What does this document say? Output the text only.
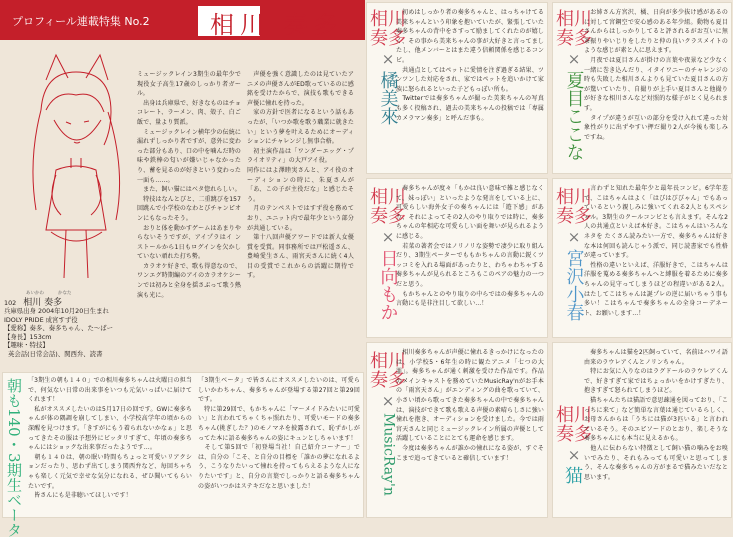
プロフィール連載特集 No.2	相川 奏多
ミュージックレイン3期生の最年少で現役女子高生17歳のしっかり者ガール。
　出身は兵庫県で、好きなものはチョコレート、ラーメン、肉、殻子、白ご飯で、量より質派。
　ミュージックレイン横年少の伝統に漏れずしっかり者ですが、意外に変わった部分もあり、口の中を噛んだ時の味や鉄棒の匂いが嫌いじゃなかったり、蓄を見るのが好きという変わった一面も……。
　また、飼い猫にはベタ惚れらしい。
　特技はなんとびと、二重跳びを157回跳んで小学校のなわとびチャンピオンにもなったそう。
　おりと体を動かすゲームはあまりやらないそうですが、アイプラはイ ンストールから1日もログインを欠かしていない頑れた打ち勢。
　カラオケ好きで、歌も得意なので、ワンエグ時期編のアイのカラオケシーンでは初みと全身を揺さぶって歌う熱演も光に。
　声優を強く意識したのは見ていたアニメの声優さんがED歌っているのに感銘を受けたからで、演技も歌もできる声優に憧れを持った。
　家の方針で医者になるという話もあったが、「いつか歌を歌う職業に就きたい」という夢を叶えるためにオーディションにチャレンジし無事合格。
　初主演作品は「ワンダーエッグ・プライオリティ」の大戸アイ役。
同作にはよ澤睦実さんと、アイ役のオーディションの時に、朱夏さんが「あ、この子が主役だな」と感じたそう。
　月のテンペストではすず役を務めており、ユニット内で最年少という部分が共通している。
　第十八回声優アワードでは新人女優賞を受賞。同事務所では戸松遥さん、豊崎愛生さん、雨宮天さんに続く4人目の受賞でこれからの活躍に期待です。
あいかわ	かなた
102 相川 奏多
兵庫県出身 2004年10月20日生まれ
IDOLY PRIDE 成宮すず役
【愛称】奏多、奏多ちゃん、た～ばー
【身長】153cm
【趣味・特技】
英会話(日常会話)、関西弁、読書
相川
奏多
×
橘美來
　初めはしっかり者の奏多ちゃんと、はっちゃけてる美来ちゃんという印象を抱いていたが、緊張していた奏多ちゃんの背中をさすって励ましてくれたのが嬉しく、その事から美来ちゃんの事が大好きと言ってましたし、他メンバーとはまた違う信頼関係を感じるコンビ。
　共通点としてはペットに愛情を注ぎ過ぎる結果、ツンツンした対応をされ、家ではペットを追いかけて家族に怒られるといった子どもっぽい所も。
　Twitterでは奏多ちゃんが撮った美来ちゃんの写真も多く投稿され、過去の美来ちゃんの投稿では「専属カメラマン奏多」と呼んだ事も。
相川
奏多
×
夏目ここな
　お姉さん方宮沢、橘、日向が多少抜け感があるのに対して宮鋼空で安心感のある年少組。動物も夏目さんからはしっかりしてると評されるがお互いに無茶振りやいじりをしたりと仲の良いクラスメイトのような感じが素と人に思えます。
　月夜では夏目さんが掛けの言葉や夜景など少なく一緒に巻き込んだり、イタイワニーのチャレンジの時も失敗した相川さんよりも見ていた夏目さんの方が驚いていたり、自撮りが上手い夏目さんと他撮りが好きな相川さんなど対照的な様子がとく見られます。
　タイプが違うが互いの部分を受け入れて違った対象性がりに出ずやすい押だ撮り2人が今後も楽しみですね。
相川
奏多
×
日向もか
　奏多ちゃんが度々「もかは良い意味で雑と感じなくて、妹っぽい」といったような発言をしている上に、可愛らしい海外女子の奏ちゃんには「遊下感」があり、それによってその2人のやり取りでは時に、奏多ちゃんの年相応な可愛らしい面を舞いが見られるように感じる。
　若菜の著者会ではノリノリな姿勢で凄少に取り組んだり、3期生ペーターでももかちゃんの言動に鋭くツッコミを入れる場面があったりと、わちゃわちゃする奏多ちゃんが見られるところもこのペアの魅力の一つだと思う。
　もかちゃんとのやり取りの中らではの奏多ちゃんの言動にも是非注目して欲しい…！
相川
奏多
×
宮沢小春
　言わずと知れた最年少と最年長コンビ。6学年差で、こはちゃんはよく「はびはびびゃん」でもあっているという親しみに強いてくれる2人ともスペシャル。3期生のクールコンビとも言えます。そんな2人の共通点といえば本好き。こはちゃんはいろんなネタを たくさん読みたい一方で、奏多ちゃんは好きな本は何回も読んじゃう派で、同じ読書家でも性格が違っています。
　性格の違いといえば、洋服好きで、こはちゃんは洋服を蒐める奏多ちゃんへと縛服を着るために奏多ちゃんの見守ってしまうほどの程違いがある2人。はたしてこはちゃんは誕プレの逆に届いちゃう事も多い！こはちゃんで奏多ちゃんの全身コーデネート、お願いします…！
相川
奏多
×
MusicRay'n
　相川奏多ちゃんが声優に憧れるきっかけになったのは、小学校5・6年生の時に観たアニメ「七つの大罪」。奏多ちゃんが通く刺激を受けた作品です。作品のメインキャストを務めていたMusicRay'nがお手本の「雨宮天さん」がエンディングの曲を歌っていて、小さい頃から歌ってきた奏多ちゃんの中で奏多ちゃんは、演技ができて歌も歌える声優の素晴らしさに強い憧れを抱き、オーディションを受けました。今では雨宮天さんと同じミュージックレイン所属の声優として活躍していることにとても運命を感じます。
　今度は奏多ちゃんが誰かの憧れになる姿が、すぐそこまで追ってきていると確信しています！
相川
奏多
×
猫
　奏多ちゃんは猫を2匹飼っていて、名前はハワイ語由来のラウレアくんとノリンちゃん。
　特にお気に入りなのはラグドールのラウレアくんで、好きすぎて家ではちょっかいをかけすぎたり、抱きすぎて怒られてしまうほど。
　猫ちゃんたちは猫語で意思疎通を図っており、「こっちに来て」など簡単な言葉は通じているらしく、お母さんからは「うちには猫が3匹いる」と言われているそう。そのエピソードのとおり、楽しそうな奏多ちゃんにも本当に見えるかも。
　他人に伝わらない特徴として飼い猫の噛みをお嗅いでみたり、それもみっても可愛いと思ってしまう、そんな奏多ちゃんの方がまるで猫みたいだなと思います。
朝も140
・
3期生ベータ
「3期生の朝も１４０」での相川奏多ちゃんは火曜日の担当で、何気ない日常の出来事をいつも元気いっぱいに届けてくれます！
　私がオススメしたいのは5月17日の回です。GWに奏多ちゃんが体の隅調を崩してしまい、小学校高学年の頃からの深醒を見つけます。「きすがにもう着られないかなぁ」と思ってきたその服は予想外にビッタリすぎて、年頃の奏多ちゃんにはショックな出来事だったようです…。
　朝も１４０は、朝の眠い時間もちょっと可愛いリアクションだったり、思わず出てしまう関西弁など、毎回ちゃちゃも楽しく元気で幸せな気分になれる、ぜひ聞いてもらいたいです。
　皆さんにも是非聴いてほしいです！
「3期生ベータ」で皆さんにオススメしたいのは、可愛らしいかわちゃん、奏多ちゃんが登場する第27回と第29回です。
　特に第29回で、もかちゃんに「マ～メイドみたいに可愛い」と言われてちゃくちゃ照れたり、可愛いモードの奏多ちゃん(挑ぎした？)のモノマネを披露されて、恥ずかしがってた本に語る奏多ちゃんの姿にキュンとしちゃいます！
　そして第5回で「初登場当社！自己紹介コーナー」では、自分の「こそ、と自分の目標を「誰かの夢になれるよう、こうなりたいって憧れを持ってもらえるような人になりたいです」と、自分の言葉でしっかりと語る奏多ちゃんの姿がいつかはステキだなと思いました！
